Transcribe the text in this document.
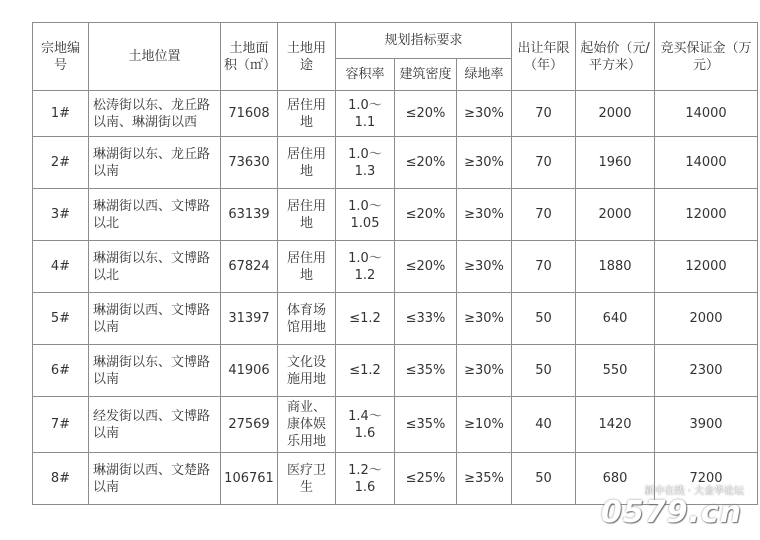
宗地编号	土地位置	土地面积（㎡）	土地用途	规划指标要求			出让年限（年）	起始价（元/平方米）	竞买保证金（万元）
				容积率	建筑密度	绿地率			
1#	松涛街以东、龙丘路以南、琳湖街以西	71608	居住用地	1.0～1.1	≤20%	≥30%	70	2000	14000
2#	琳湖街以东、龙丘路以南	73630	居住用地	1.0～1.3	≤20%	≥30%	70	1960	14000
3#	琳湖街以西、文博路以北	63139	居住用地	1.0～1.05	≤20%	≥30%	70	2000	12000
4#	琳湖街以东、文博路以北	67824	居住用地	1.0～1.2	≤20%	≥30%	70	1880	12000
5#	琳湖街以西、文博路以南	31397	体育场馆用地	≤1.2	≤33%	≥30%	50	640	2000
6#	琳湖街以东、文博路以南	41906	文化设施用地	≤1.2	≤35%	≥30%	50	550	2300
7#	经发街以西、文博路以南	27569	商业、康体娱乐用地	1.4～1.6	≤35%	≥10%	40	1420	3900
8#	琳湖街以西、文楚路以南	106761	医疗卫生	1.2～1.6	≤25%	≥35%	50	680	7200
新中在线 · 大金华论坛
0579.cn
